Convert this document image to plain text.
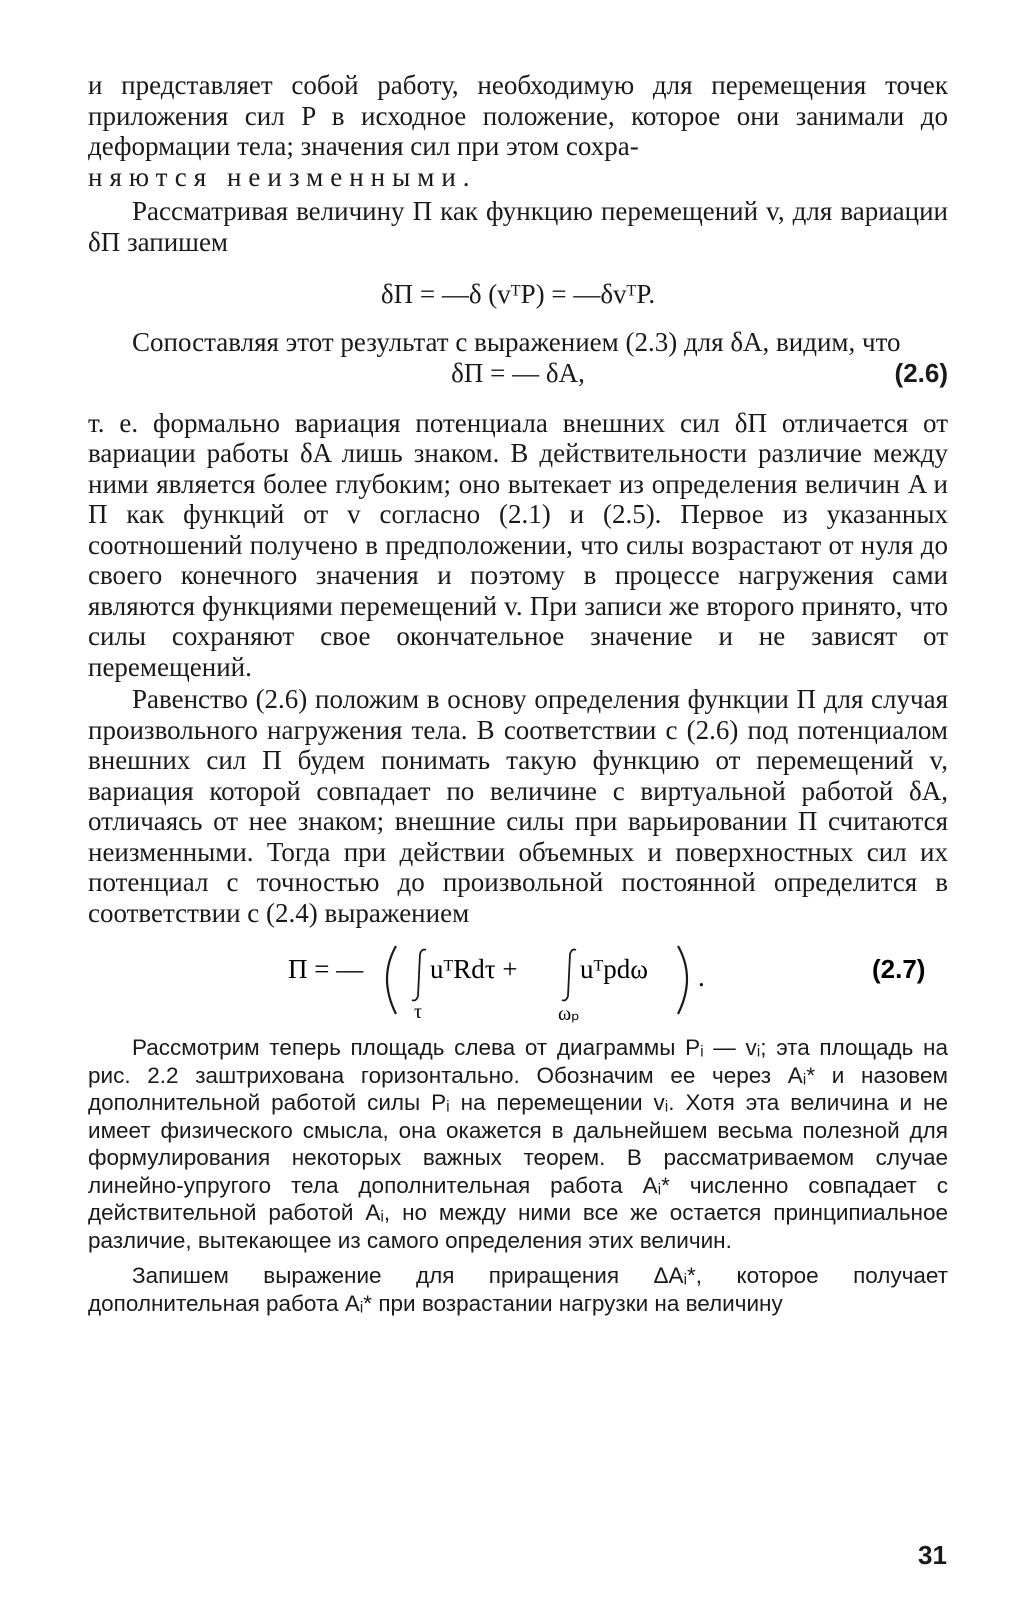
и представляет собой работу, необходимую для перемещения точек приложения сил P в исходное положение, которое они занимали до деформации тела; значения сил при этом сохра-
няются неизменными.

Рассматривая величину П как функцию перемещений v, для вариации δП запишем

δП = —δ (vᵀP) = —δvᵀP.

Сопоставляя этот результат с выражением (2.3) для δA, видим, что

δП = — δA,	(2.6)

т. е. формально вариация потенциала внешних сил δП отличается от вариации работы δA лишь знаком. В действительности различие между ними является более глубоким; оно вытекает из определения величин A и П как функций от v согласно (2.1) и (2.5). Первое из указанных соотношений получено в предположении, что силы возрастают от нуля до своего конечного значения и поэтому в процессе нагружения сами являются функциями перемещений v. При записи же второго принято, что силы сохраняют свое окончательное значение и не зависят от перемещений.

Равенство (2.6) положим в основу определения функции П для случая произвольного нагружения тела. В соответствии с (2.6) под потенциалом внешних сил П будем понимать такую функцию от перемещений v, вариация которой совпадает по величине с виртуальной работой δA, отличаясь от нее знаком; внешние силы при варьировании П считаются неизменными. Тогда при действии объемных и поверхностных сил их потенциал с точностью до произвольной постоянной определится в соответствии с (2.4) выражением

П = — uᵀRdτ +
τ
uᵀpdω
ωₚ
.	(2.7)

Рассмотрим теперь площадь слева от диаграммы Pᵢ — vᵢ; эта площадь на рис. 2.2 заштрихована горизонтально. Обозначим ее через Aᵢ* и назовем дополнительной работой силы Pᵢ на перемещении vᵢ. Хотя эта величина и не имеет физического смысла, она окажется в дальнейшем весьма полезной для формулирования некоторых важных теорем. В рассматриваемом случае линейно-упругого тела дополнительная работа Aᵢ* численно совпадает с действительной работой Aᵢ, но между ними все же остается принципиальное различие, вытекающее из самого определения этих величин.

Запишем выражение для приращения ΔAᵢ*, которое получает дополнительная работа Aᵢ* при возрастании нагрузки на величину

31
